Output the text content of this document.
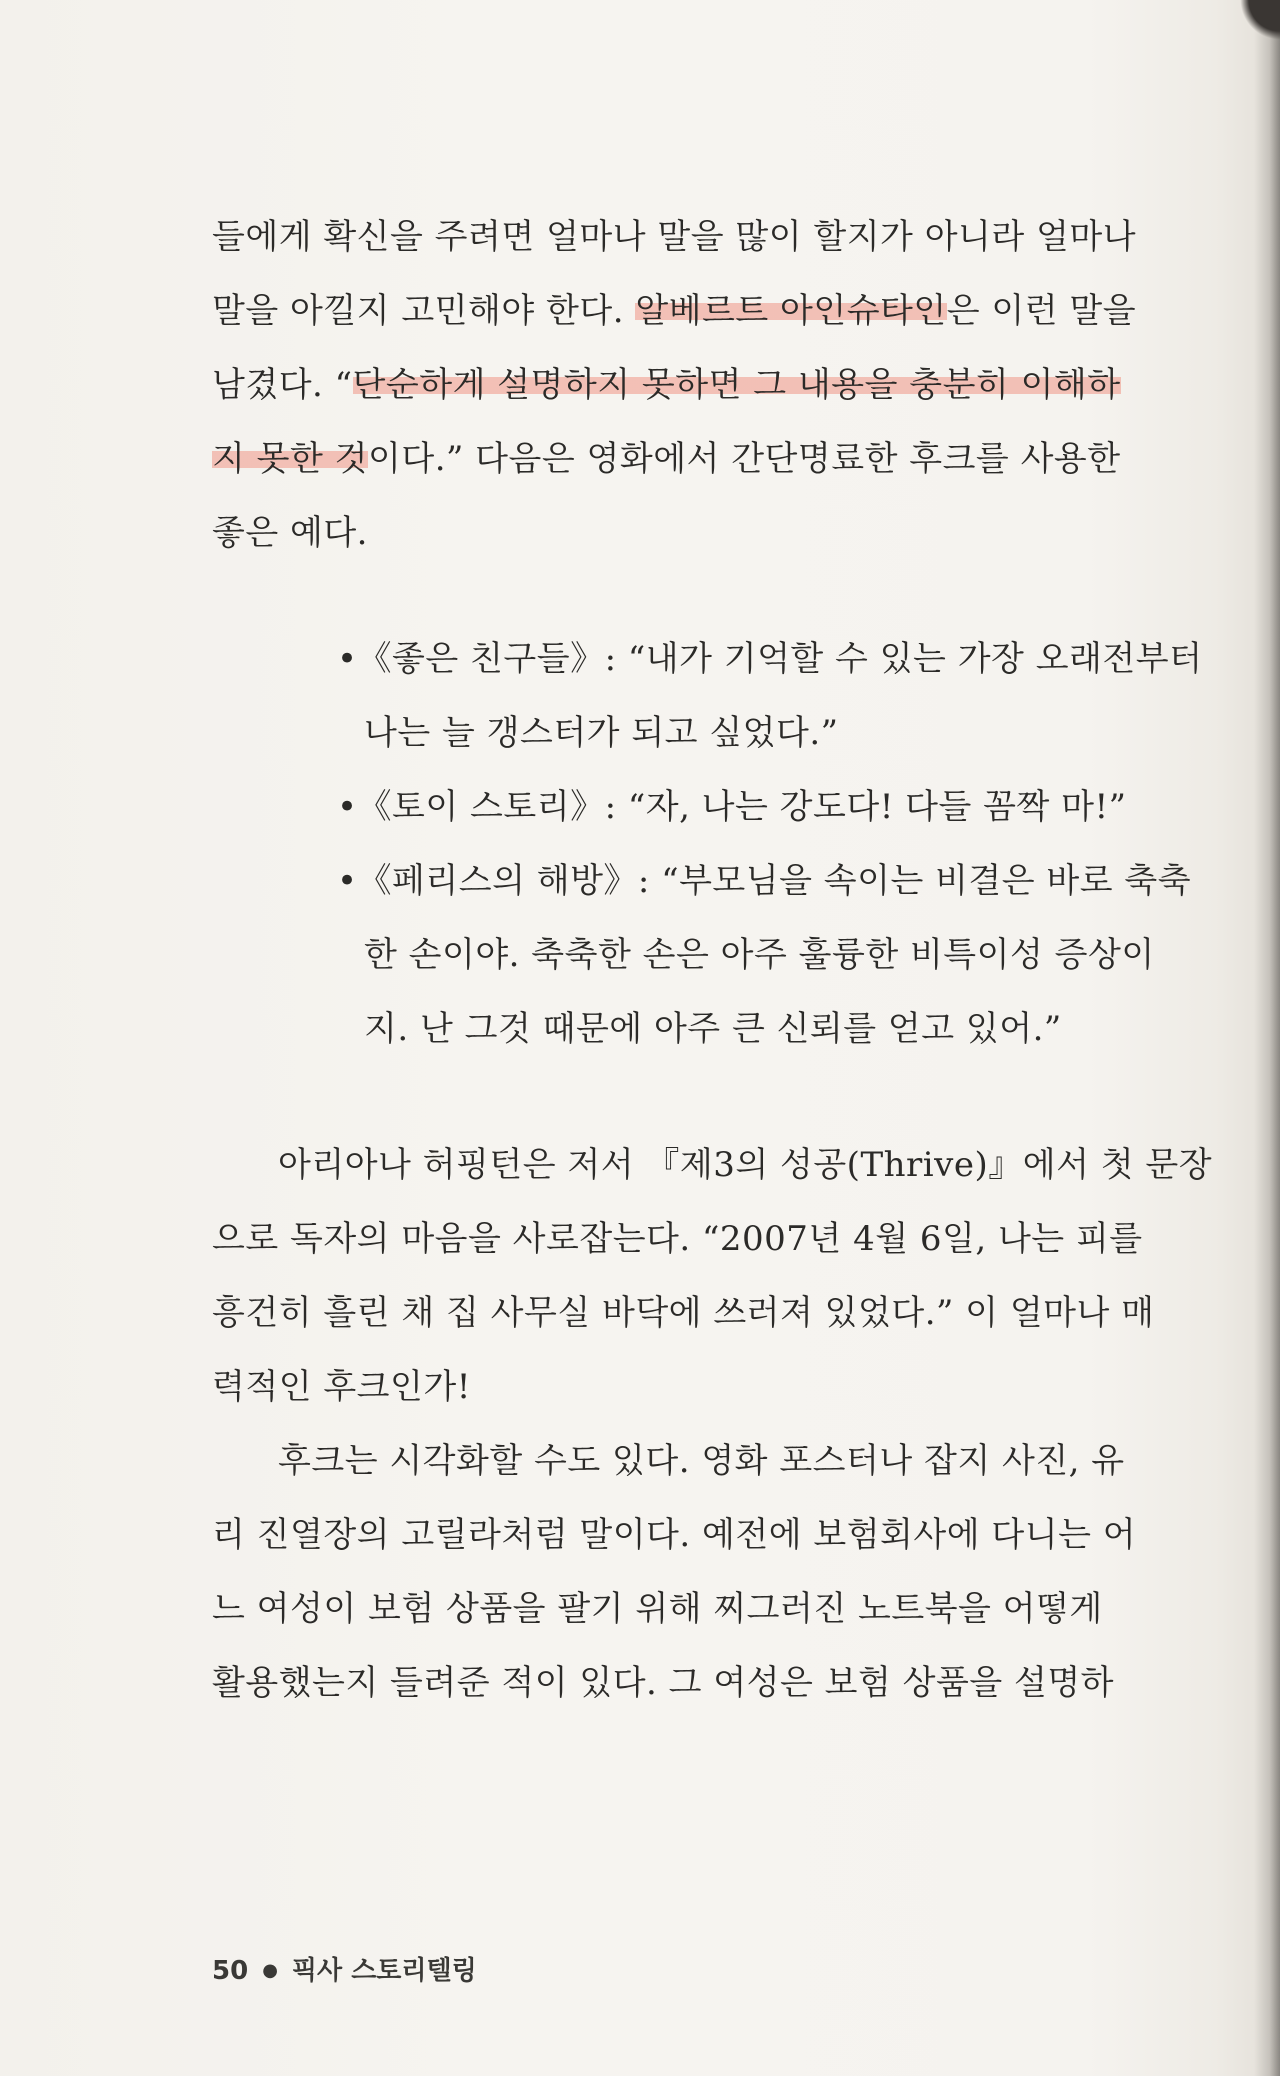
들에게 확신을 주려면 얼마나 말을 많이 할지가 아니라 얼마나
말을 아낄지 고민해야 한다. 알베르트 아인슈타인은 이런 말을
남겼다. “단순하게 설명하지 못하면 그 내용을 충분히 이해하
지 못한 것이다.” 다음은 영화에서 간단명료한 후크를 사용한
좋은 예다.
•《좋은 친구들》: “내가 기억할 수 있는 가장 오래전부터
나는 늘 갱스터가 되고 싶었다.”
•《토이 스토리》: “자, 나는 강도다! 다들 꼼짝 마!”
•《페리스의 해방》: “부모님을 속이는 비결은 바로 축축
한 손이야. 축축한 손은 아주 훌륭한 비특이성 증상이
지. 난 그것 때문에 아주 큰 신뢰를 얻고 있어.”
아리아나 허핑턴은 저서 『제3의 성공(Thrive)』에서 첫 문장
으로 독자의 마음을 사로잡는다. “2007년 4월 6일, 나는 피를
흥건히 흘린 채 집 사무실 바닥에 쓰러져 있었다.” 이 얼마나 매
력적인 후크인가!
후크는 시각화할 수도 있다. 영화 포스터나 잡지 사진, 유
리 진열장의 고릴라처럼 말이다. 예전에 보험회사에 다니는 어
느 여성이 보험 상품을 팔기 위해 찌그러진 노트북을 어떻게
활용했는지 들려준 적이 있다. 그 여성은 보험 상품을 설명하
50 ● 픽사 스토리텔링
